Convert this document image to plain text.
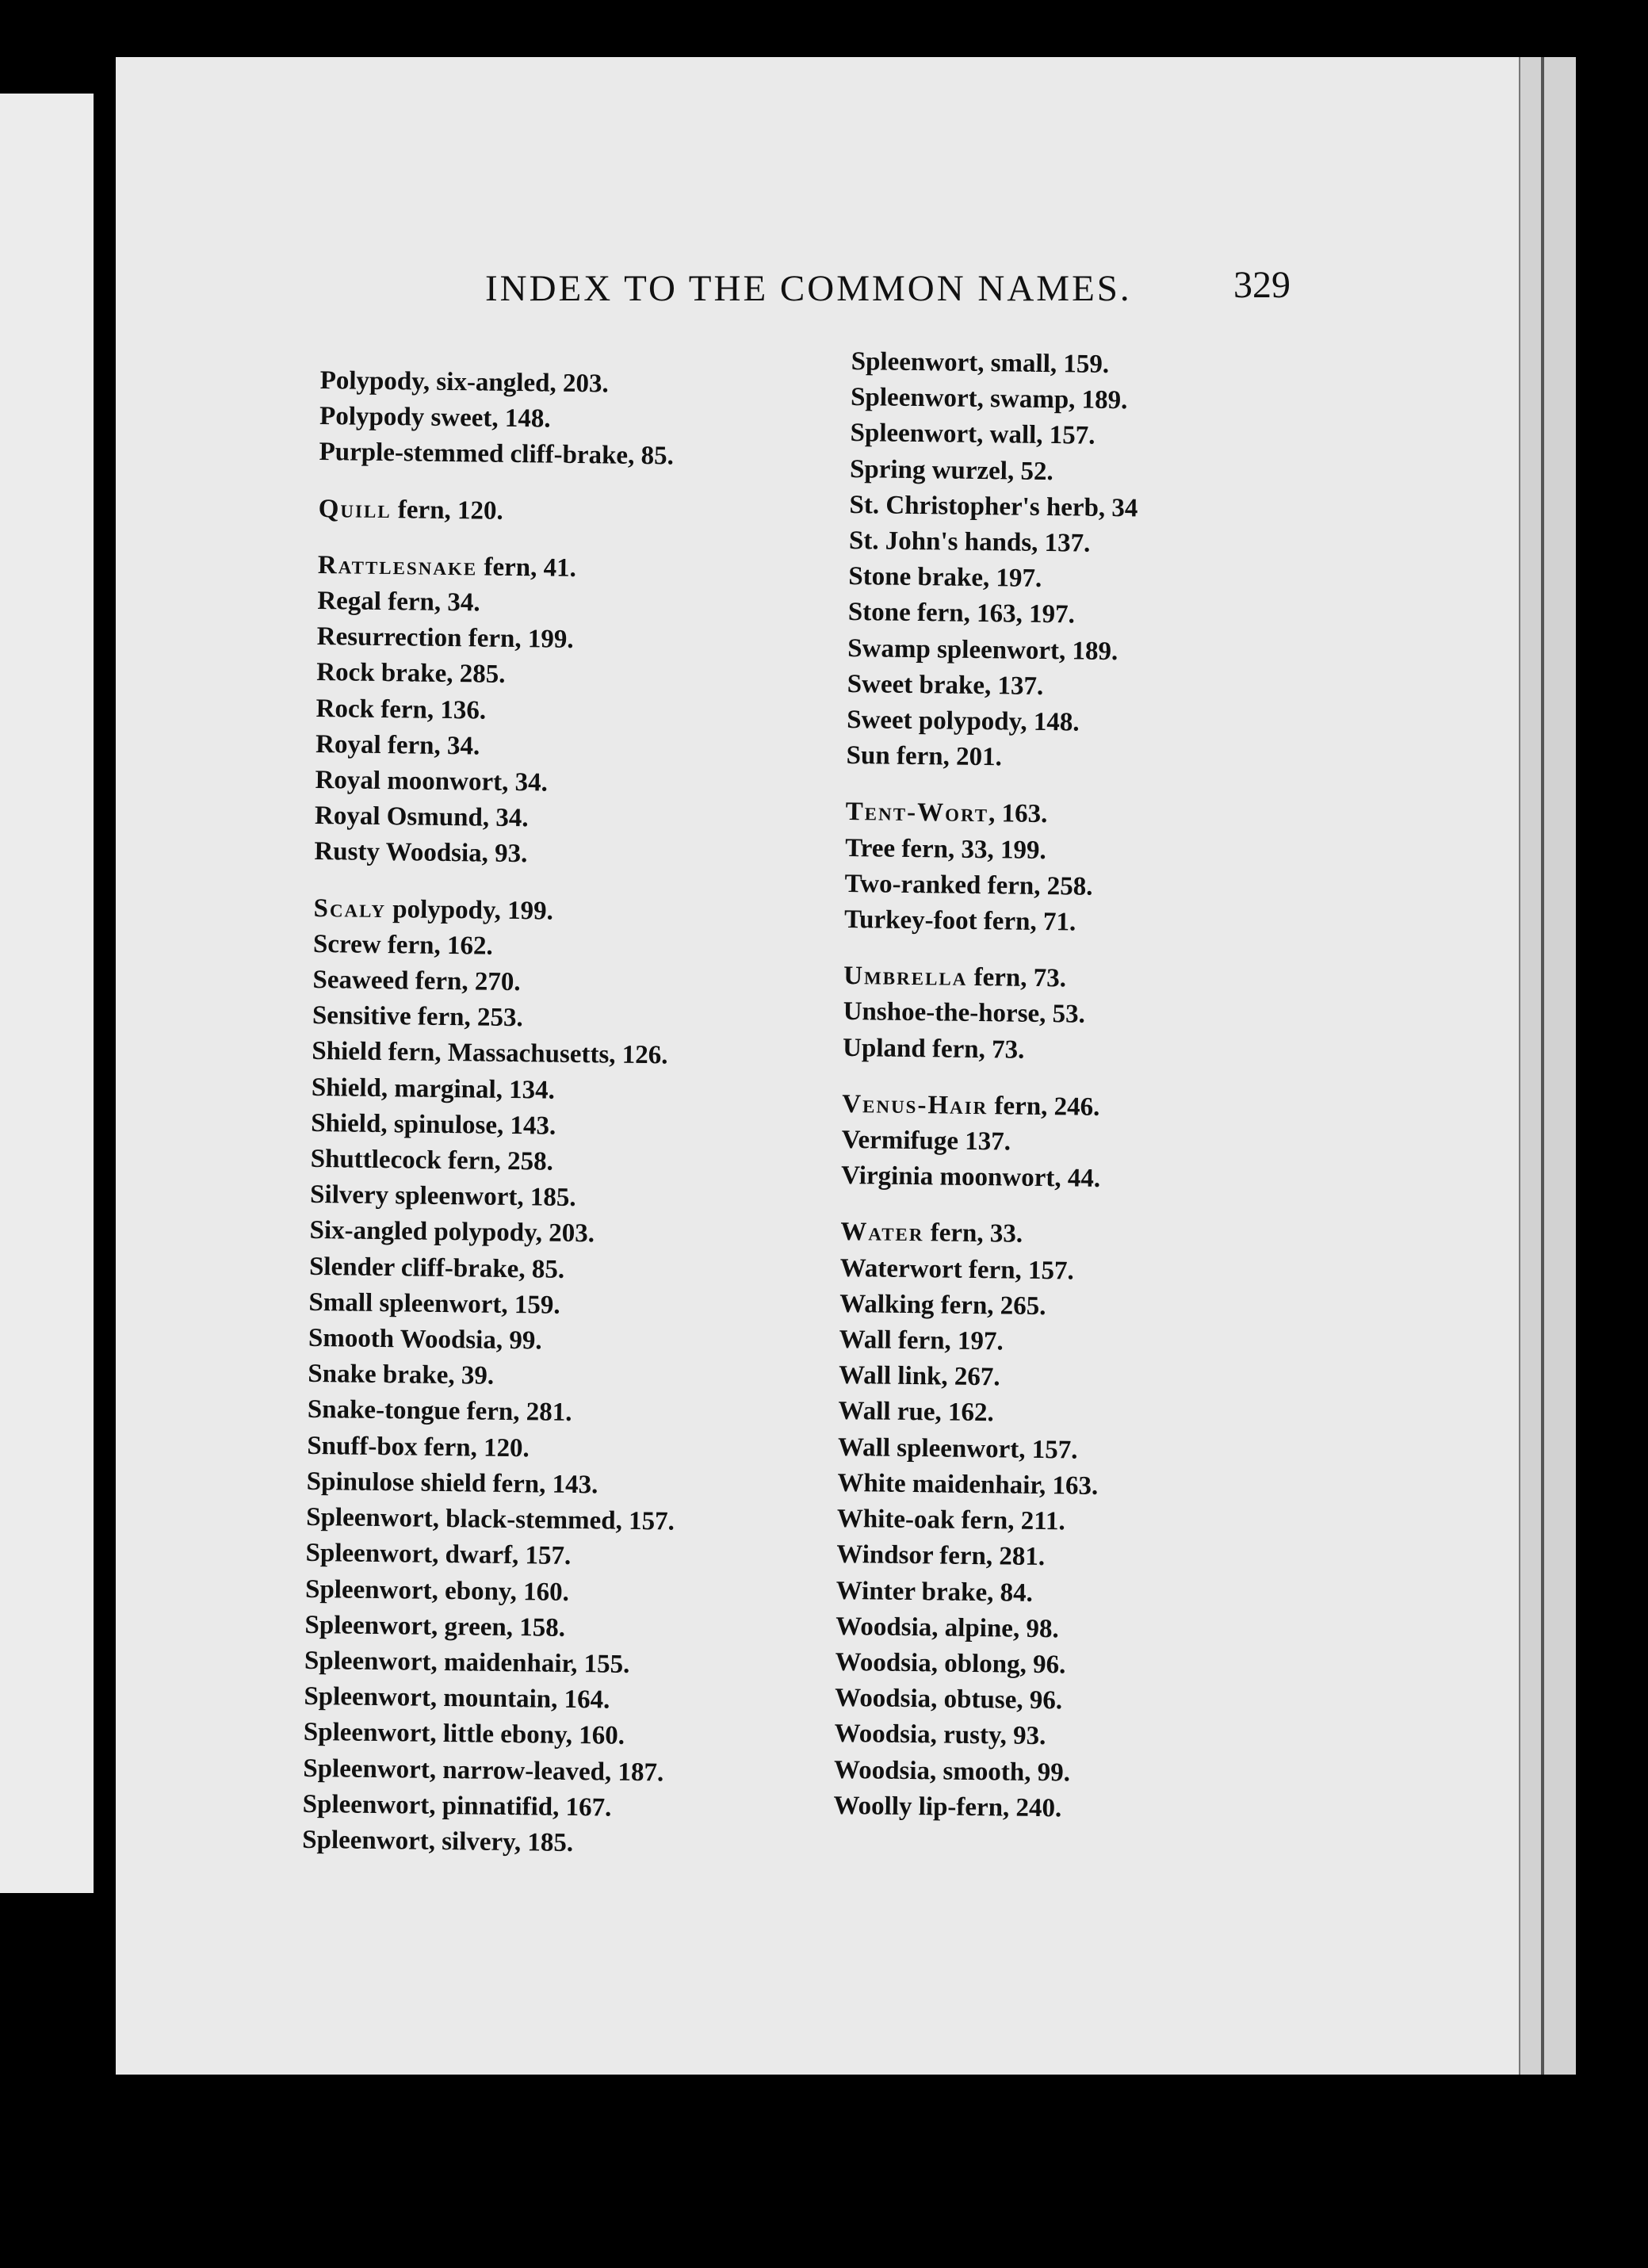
INDEX TO THE COMMON NAMES.	329
Polypody, six-angled, 203.
Polypody sweet, 148.
Purple-stemmed cliff-brake, 85.
Quill fern, 120.
Rattlesnake fern, 41.
Regal fern, 34.
Resurrection fern, 199.
Rock brake, 285.
Rock fern, 136.
Royal fern, 34.
Royal moonwort, 34.
Royal Osmund, 34.
Rusty Woodsia, 93.
Scaly polypody, 199.
Screw fern, 162.
Seaweed fern, 270.
Sensitive fern, 253.
Shield fern, Massachusetts, 126.
Shield, marginal, 134.
Shield, spinulose, 143.
Shuttlecock fern, 258.
Silvery spleenwort, 185.
Six-angled polypody, 203.
Slender cliff-brake, 85.
Small spleenwort, 159.
Smooth Woodsia, 99.
Snake brake, 39.
Snake-tongue fern, 281.
Snuff-box fern, 120.
Spinulose shield fern, 143.
Spleenwort, black-stemmed, 157.
Spleenwort, dwarf, 157.
Spleenwort, ebony, 160.
Spleenwort, green, 158.
Spleenwort, maidenhair, 155.
Spleenwort, mountain, 164.
Spleenwort, little ebony, 160.
Spleenwort, narrow-leaved, 187.
Spleenwort, pinnatifid, 167.
Spleenwort, silvery, 185.
Spleenwort, small, 159.
Spleenwort, swamp, 189.
Spleenwort, wall, 157.
Spring wurzel, 52.
St. Christopher's herb, 34
St. John's hands, 137.
Stone brake, 197.
Stone fern, 163, 197.
Swamp spleenwort, 189.
Sweet brake, 137.
Sweet polypody, 148.
Sun fern, 201.
Tent-Wort, 163.
Tree fern, 33, 199.
Two-ranked fern, 258.
Turkey-foot fern, 71.
Umbrella fern, 73.
Unshoe-the-horse, 53.
Upland fern, 73.
Venus-Hair fern, 246.
Vermifuge 137.
Virginia moonwort, 44.
Water fern, 33.
Waterwort fern, 157.
Walking fern, 265.
Wall fern, 197.
Wall link, 267.
Wall rue, 162.
Wall spleenwort, 157.
White maidenhair, 163.
White-oak fern, 211.
Windsor fern, 281.
Winter brake, 84.
Woodsia, alpine, 98.
Woodsia, oblong, 96.
Woodsia, obtuse, 96.
Woodsia, rusty, 93.
Woodsia, smooth, 99.
Woolly lip-fern, 240.
